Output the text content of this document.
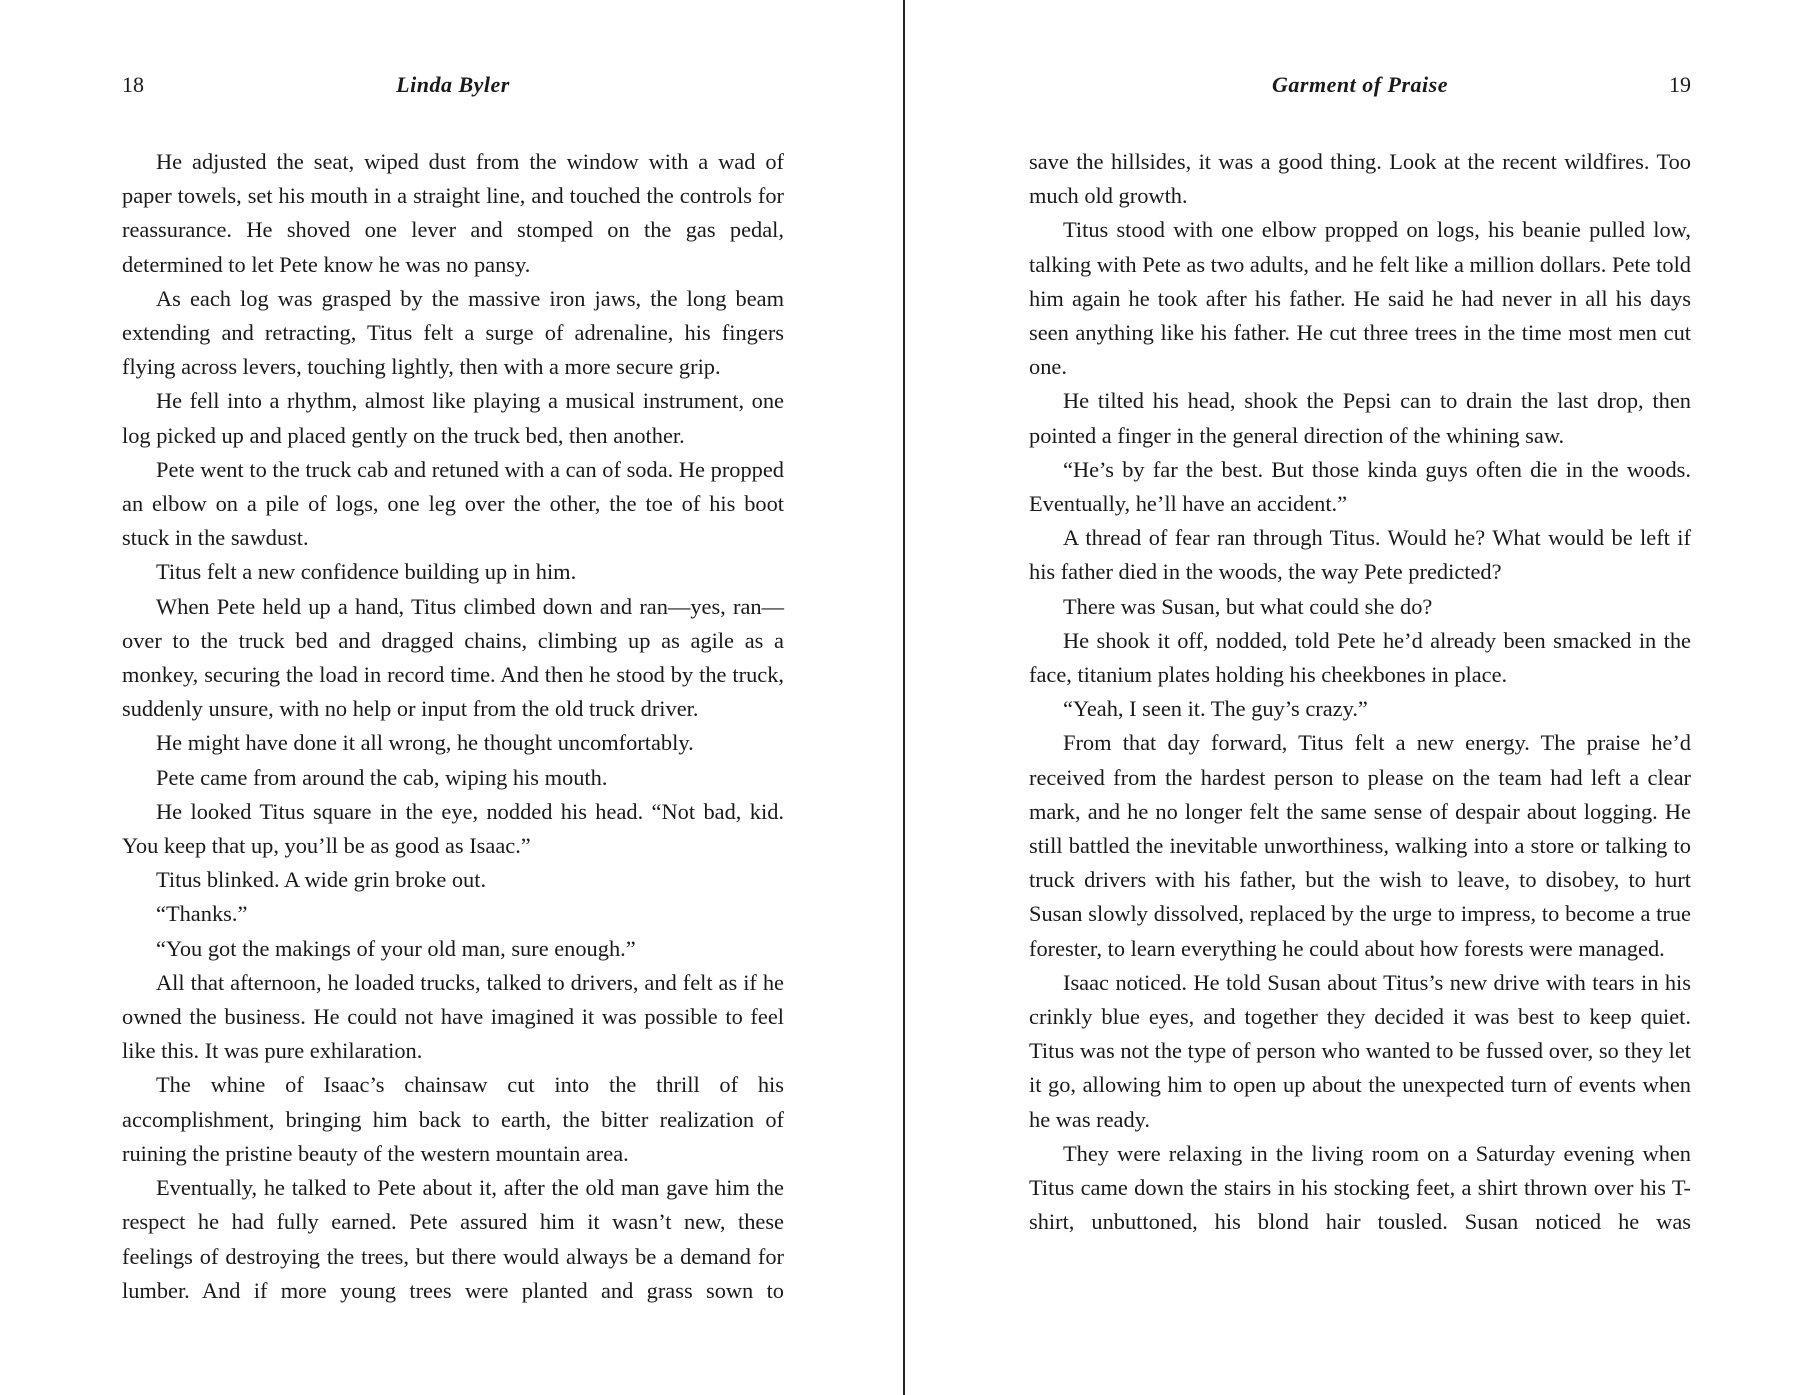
18	Linda Byler

He adjusted the seat, wiped dust from the window with a wad of paper towels, set his mouth in a straight line, and touched the controls for reassurance. He shoved one lever and stomped on the gas pedal, determined to let Pete know he was no pansy.

As each log was grasped by the massive iron jaws, the long beam extending and retracting, Titus felt a surge of adrenaline, his fingers flying across levers, touching lightly, then with a more secure grip.

He fell into a rhythm, almost like playing a musical instrument, one log picked up and placed gently on the truck bed, then another.

Pete went to the truck cab and retuned with a can of soda. He propped an elbow on a pile of logs, one leg over the other, the toe of his boot stuck in the sawdust.

Titus felt a new confidence building up in him.

When Pete held up a hand, Titus climbed down and ran—yes, ran—over to the truck bed and dragged chains, climbing up as agile as a monkey, securing the load in record time. And then he stood by the truck, suddenly unsure, with no help or input from the old truck driver.

He might have done it all wrong, he thought uncomfortably.

Pete came from around the cab, wiping his mouth.

He looked Titus square in the eye, nodded his head. “Not bad, kid. You keep that up, you’ll be as good as Isaac.”

Titus blinked. A wide grin broke out.

“Thanks.”

“You got the makings of your old man, sure enough.”

All that afternoon, he loaded trucks, talked to drivers, and felt as if he owned the business. He could not have imagined it was possible to feel like this. It was pure exhilaration.

The whine of Isaac’s chainsaw cut into the thrill of his accomplishment, bringing him back to earth, the bitter realization of ruining the pristine beauty of the western mountain area.

Eventually, he talked to Pete about it, after the old man gave him the respect he had fully earned. Pete assured him it wasn’t new, these feelings of destroying the trees, but there would always be a demand for lumber. And if more young trees were planted and grass sown to

Garment of Praise	19

save the hillsides, it was a good thing. Look at the recent wildfires. Too much old growth.

Titus stood with one elbow propped on logs, his beanie pulled low, talking with Pete as two adults, and he felt like a million dollars. Pete told him again he took after his father. He said he had never in all his days seen anything like his father. He cut three trees in the time most men cut one.

He tilted his head, shook the Pepsi can to drain the last drop, then pointed a finger in the general direction of the whining saw.

“He’s by far the best. But those kinda guys often die in the woods. Eventually, he’ll have an accident.”

A thread of fear ran through Titus. Would he? What would be left if his father died in the woods, the way Pete predicted?

There was Susan, but what could she do?

He shook it off, nodded, told Pete he’d already been smacked in the face, titanium plates holding his cheekbones in place.

“Yeah, I seen it. The guy’s crazy.”

From that day forward, Titus felt a new energy. The praise he’d received from the hardest person to please on the team had left a clear mark, and he no longer felt the same sense of despair about logging. He still battled the inevitable unworthiness, walking into a store or talking to truck drivers with his father, but the wish to leave, to disobey, to hurt Susan slowly dissolved, replaced by the urge to impress, to become a true forester, to learn everything he could about how forests were managed.

Isaac noticed. He told Susan about Titus’s new drive with tears in his crinkly blue eyes, and together they decided it was best to keep quiet. Titus was not the type of person who wanted to be fussed over, so they let it go, allowing him to open up about the unexpected turn of events when he was ready.

They were relaxing in the living room on a Saturday evening when Titus came down the stairs in his stocking feet, a shirt thrown over his T-shirt, unbuttoned, his blond hair tousled. Susan noticed he was
